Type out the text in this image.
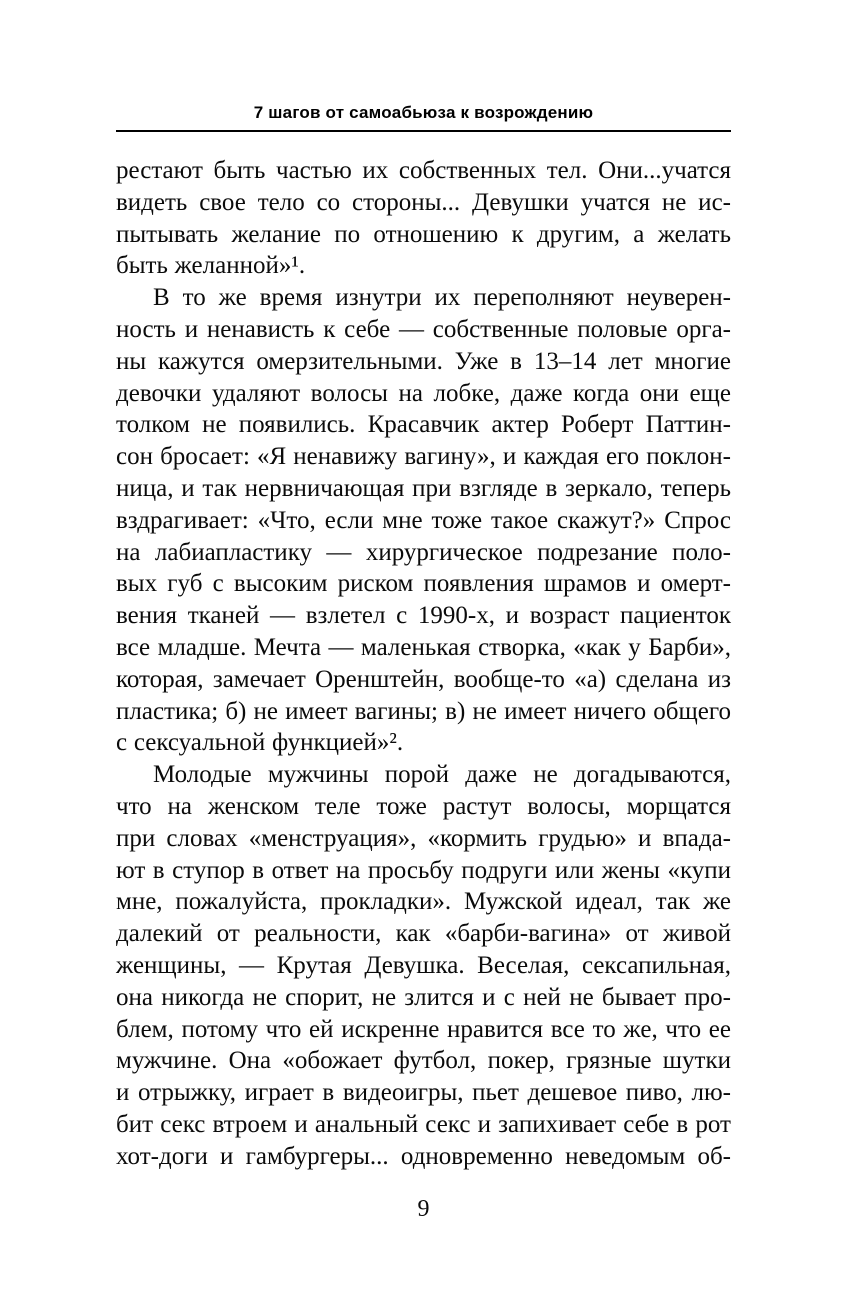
7 шагов от самоабьюза к возрождению
рестают быть частью их собственных тел. Они...учатся
видеть свое тело со стороны... Девушки учатся не ис-
пытывать желание по отношению к другим, а желать
быть желанной»¹.
В то же время изнутри их переполняют неуверен-
ность и ненависть к себе — собственные половые орга-
ны кажутся омерзительными. Уже в 13–14 лет многие
девочки удаляют волосы на лобке, даже когда они еще
толком не появились. Красавчик актер Роберт Паттин-
сон бросает: «Я ненавижу вагину», и каждая его поклон-
ница, и так нервничающая при взгляде в зеркало, теперь
вздрагивает: «Что, если мне тоже такое скажут?» Спрос
на лабиапластику — хирургическое подрезание поло-
вых губ с высоким риском появления шрамов и омерт-
вения тканей — взлетел с 1990-х, и возраст пациенток
все младше. Мечта — маленькая створка, «как у Барби»,
которая, замечает Оренштейн, вообще-то «а) сделана из
пластика; б) не имеет вагины; в) не имеет ничего общего
с сексуальной функцией»².
Молодые мужчины порой даже не догадываются,
что на женском теле тоже растут волосы, морщатся
при словах «менструация», «кормить грудью» и впада-
ют в ступор в ответ на просьбу подруги или жены «купи
мне, пожалуйста, прокладки». Мужской идеал, так же
далекий от реальности, как «барби-вагина» от живой
женщины, — Крутая Девушка. Веселая, сексапильная,
она никогда не спорит, не злится и с ней не бывает про-
блем, потому что ей искренне нравится все то же, что ее
мужчине. Она «обожает футбол, покер, грязные шутки
и отрыжку, играет в видеоигры, пьет дешевое пиво, лю-
бит секс втроем и анальный секс и запихивает себе в рот
хот-доги и гамбургеры... одновременно неведомым об-
9
